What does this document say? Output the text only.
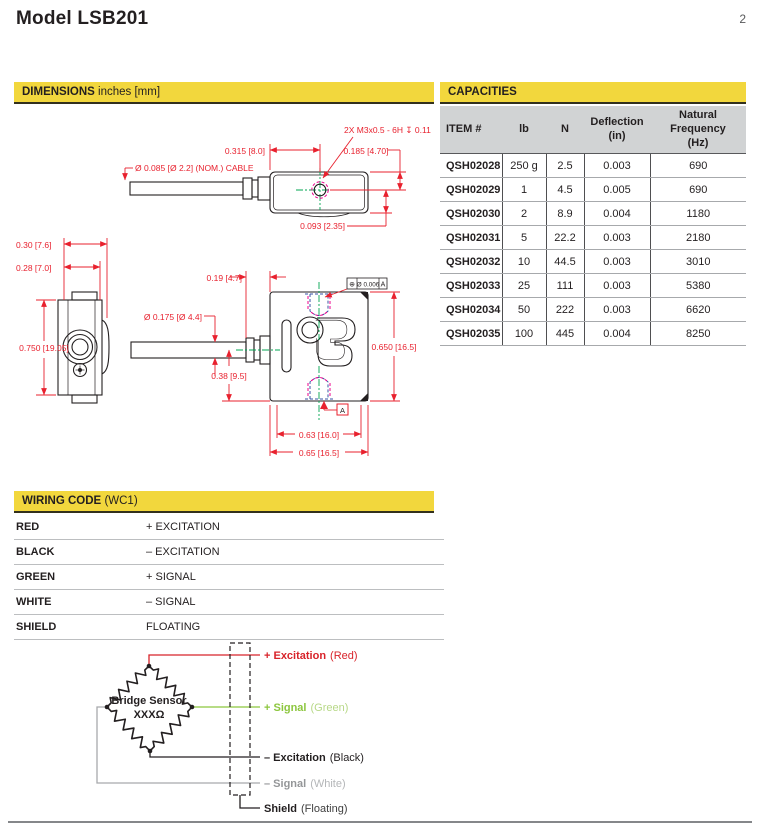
Model LSB201	2
DIMENSIONS inches [mm]
0.315 [8.0]
2X M3x0.5 - 6H ↧ 0.11
0.185 [4.70]
0.093 [2.35]
Ø 0.085 [Ø 2.2] (NOM.) CABLE
0.30 [7.6]
0.28 [7.0]
0.750 [19.05]
Ø 0.175 [Ø 4.4]
0.19 [4.7]
0.38 [9.5]
⊕ Ø 0.006 A
0.650 [16.5]
0.63 [16.0]
0.65 [16.5]
A
CAPACITIES
ITEM #	lb	N	Deflection
(in)	Natural Frequency
(Hz)
QSH02028	250 g	2.5	0.003	690
QSH02029	1	4.5	0.005	690
QSH02030	2	8.9	0.004	1180
QSH02031	5	22.2	0.003	2180
QSH02032	10	44.5	0.003	3010
QSH02033	25	111	0.003	5380
QSH02034	50	222	0.003	6620
QSH02035	100	445	0.004	8250
WIRING CODE (WC1)
RED	+ EXCITATION
BLACK	– EXCITATION
GREEN	+ SIGNAL
WHITE	– SIGNAL
SHIELD	FLOATING
Bridge Sensor
XXXΩ
+ Excitation (Red)
+ Signal (Green)
– Excitation (Black)
– Signal (White)
Shield (Floating)
